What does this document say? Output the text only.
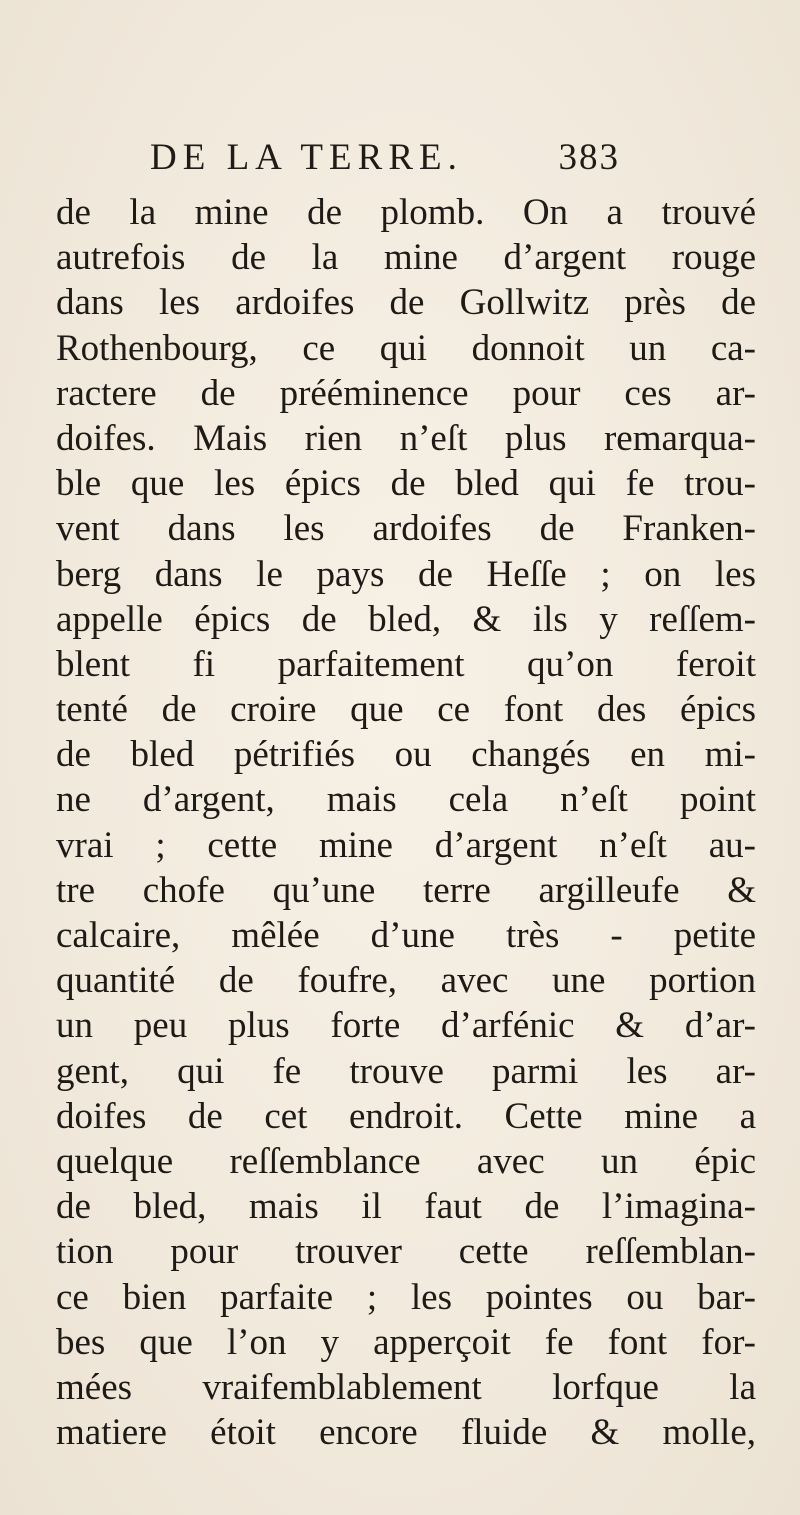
DE LA TERRE.	383
de la mine de plomb. On a trouvé
autrefois de la mine d’argent rouge
dans les ardoifes de Gollwitz près de
Rothenbourg, ce qui donnoit un ca-
ractere de prééminence pour ces ar-
doifes. Mais rien n’eſt plus remarqua-
ble que les épics de bled qui fe trou-
vent dans les ardoifes de Franken-
berg dans le pays de Heſſe ; on les
appelle épics de bled, & ils y reſſem-
blent fi parfaitement qu’on feroit
tenté de croire que ce font des épics
de bled pétrifiés ou changés en mi-
ne d’argent, mais cela n’eſt point
vrai ; cette mine d’argent n’eſt au-
tre chofe qu’une terre argilleufe &
calcaire, mêlée d’une très - petite
quantité de foufre, avec une portion
un peu plus forte d’arfénic & d’ar-
gent, qui fe trouve parmi les ar-
doifes de cet endroit. Cette mine a
quelque reſſemblance avec un épic
de bled, mais il faut de l’imagina-
tion pour trouver cette reſſemblan-
ce bien parfaite ; les pointes ou bar-
bes que l’on y apperçoit fe font for-
mées vraifemblablement lorfque la
matiere étoit encore fluide & molle,
